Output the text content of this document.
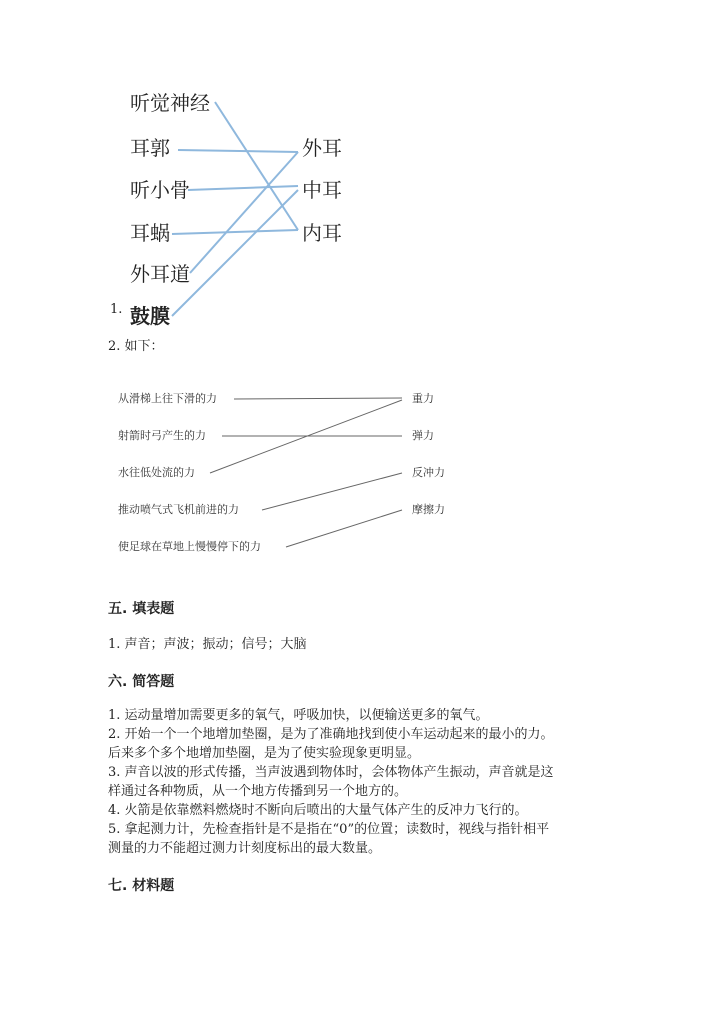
1.
听觉神经
耳郭
听小骨
耳蜗
外耳道
鼓膜
外耳
中耳
内耳
2. 如下：
从滑梯上往下滑的力
射箭时弓产生的力
水往低处流的力
推动喷气式飞机前进的力
使足球在草地上慢慢停下的力
重力
弹力
反冲力
摩擦力
五. 填表题
1. 声音；声波；振动；信号；大脑
六. 简答题
1. 运动量增加需要更多的氧气，呼吸加快，以便输送更多的氧气。
2. 开始一个一个地增加垫圈，是为了准确地找到使小车运动起来的最小的力。
后来多个多个地增加垫圈，是为了使实验现象更明显。
3. 声音以波的形式传播，当声波遇到物体时，会体物体产生振动，声音就是这
样通过各种物质，从一个地方传播到另一个地方的。
4. 火箭是依靠燃料燃烧时不断向后喷出的大量气体产生的反冲力飞行的。
5. 拿起测力计，先检查指针是不是指在“0”的位置；读数时，视线与指针相平
测量的力不能超过测力计刻度标出的最大数量。
七. 材料题
